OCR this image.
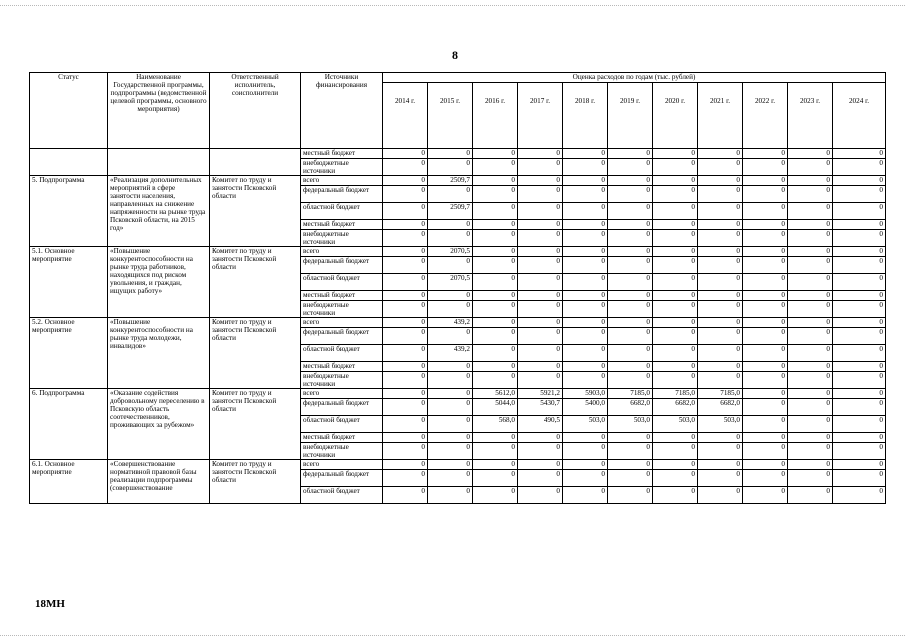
8
Статус	Наименование Государственной программы, подпрограммы (ведомственной целевой программы, основного мероприятия)	Ответственный исполнитель, соисполнители	Источники финансирования	Оценка расходов по годам (тыс. рублей)										
				2014 г.	2015 г.	2016 г.	2017 г.	2018 г.	2019 г.	2020 г.	2021 г.	2022 г.	2023 г.	2024 г.
			местный бюджет	0	0	0	0	0	0	0	0	0	0	0
			внебюджетные источники	0	0	0	0	0	0	0	0	0	0	0
5. Подпрограмма	«Реализация дополнительных мероприятий в сфере занятости населения, направленных на снижение напряженности на рынке труда Псковской области, на 2015 год»	Комитет по труду и занятости Псковской области	всего	0	2509,7	0	0	0	0	0	0	0	0	0
			федеральный бюджет	0	0	0	0	0	0	0	0	0	0	0
			областной бюджет	0	2509,7	0	0	0	0	0	0	0	0	0
			местный бюджет	0	0	0	0	0	0	0	0	0	0	0
			внебюджетные источники	0	0	0	0	0	0	0	0	0	0	0
5.1. Основное мероприятие	«Повышение конкурентоспособности на рынке труда работников, находящихся под риском увольнения, и граждан, ищущих работу»	Комитет по труду и занятости Псковской области	всего	0	2070,5	0	0	0	0	0	0	0	0	0
			федеральный бюджет	0	0	0	0	0	0	0	0	0	0	0
			областной бюджет	0	2070,5	0	0	0	0	0	0	0	0	0
			местный бюджет	0	0	0	0	0	0	0	0	0	0	0
			внебюджетные источники	0	0	0	0	0	0	0	0	0	0	0
5.2. Основное мероприятие	«Повышение конкурентоспособности на рынке труда молодежи, инвалидов»	Комитет по труду и занятости Псковской области	всего	0	439,2	0	0	0	0	0	0	0	0	0
			федеральный бюджет	0	0	0	0	0	0	0	0	0	0	0
			областной бюджет	0	439,2	0	0	0	0	0	0	0	0	0
			местный бюджет	0	0	0	0	0	0	0	0	0	0	0
			внебюджетные источники	0	0	0	0	0	0	0	0	0	0	0
6. Подпрограмма	«Оказание содействия добровольному переселению в Псковскую область соотечественников, проживающих за рубежом»	Комитет по труду и занятости Псковской области	всего	0	0	5612,0	5921,2	5903,0	7185,0	7185,0	7185,0	0	0	0
			федеральный бюджет	0	0	5044,0	5430,7	5400,0	6682,0	6682,0	6682,0	0	0	0
			областной бюджет	0	0	568,0	490,5	503,0	503,0	503,0	503,0	0	0	0
			местный бюджет	0	0	0	0	0	0	0	0	0	0	0
			внебюджетные источники	0	0	0	0	0	0	0	0	0	0	0
6.1. Основное мероприятие	«Совершенствование нормативной правовой базы реализации подпрограммы (совершенствование	Комитет по труду и занятости Псковской области	всего	0	0	0	0	0	0	0	0	0	0	0
			федеральный бюджет	0	0	0	0	0	0	0	0	0	0	0
			областной бюджет	0	0	0	0	0	0	0	0	0	0	0
18МН
